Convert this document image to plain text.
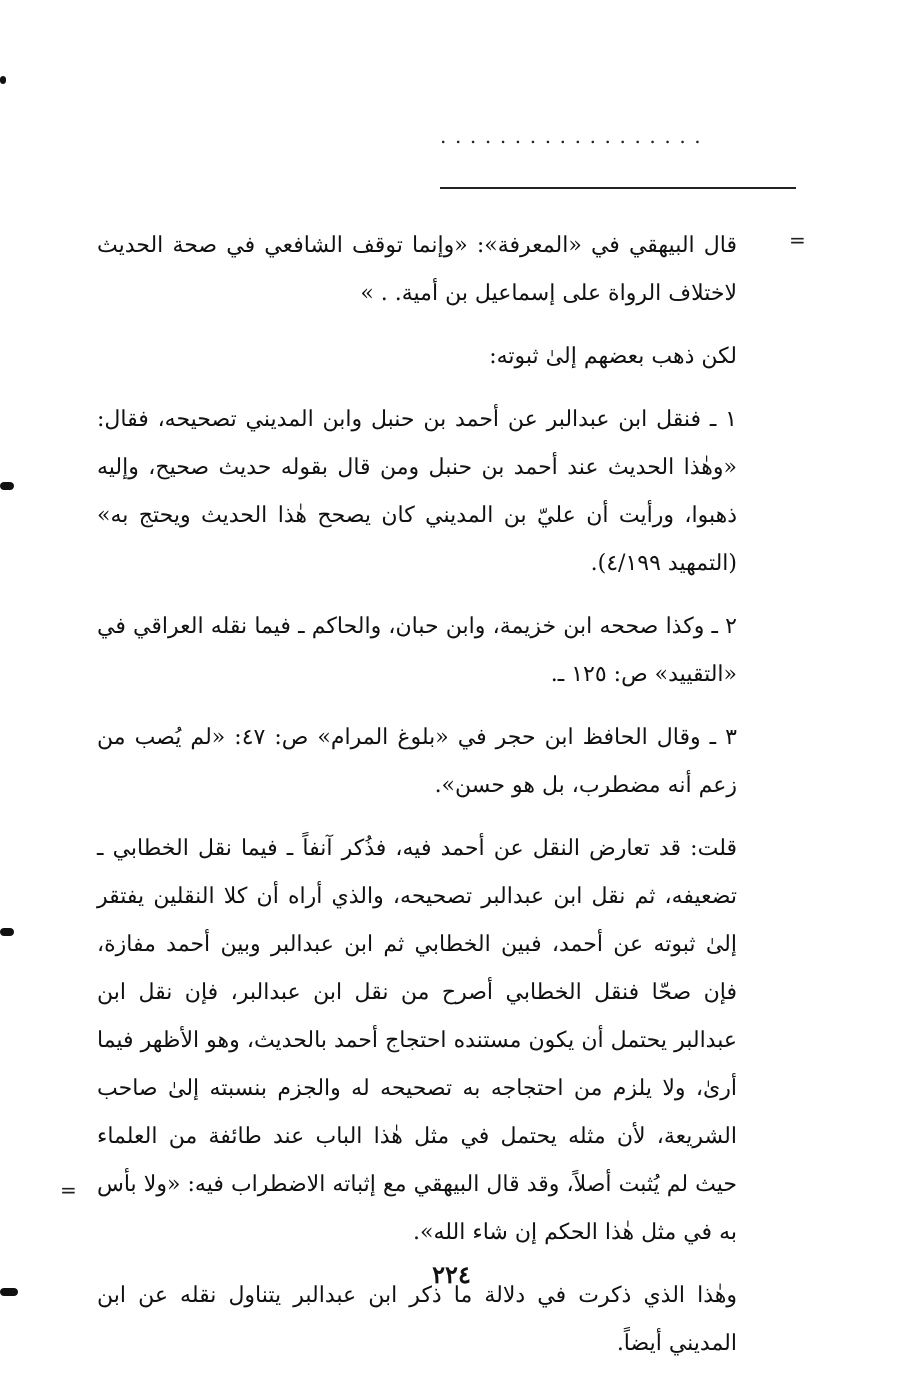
..................
=

قال البيهقي في «المعرفة»: «وإنما توقف الشافعي في صحة الحديث لاختلاف الرواة على إسماعيل بن أمية. . »

لكن ذهب بعضهم إلىٰ ثبوته:

١ ـ فنقل ابن عبدالبر عن أحمد بن حنبل وابن المديني تصحيحه، فقال: «وهٰذا الحديث عند أحمد بن حنبل ومن قال بقوله حديث صحيح، وإليه ذهبوا، ورأيت أن عليّ بن المديني كان يصحح هٰذا الحديث ويحتج به» (التمهيد ٤/١٩٩).

٢ ـ وكذا صححه ابن خزيمة، وابن حبان، والحاكم ـ فيما نقله العراقي في «التقييد» ص: ١٢٥ ـ.

٣ ـ وقال الحافظ ابن حجر في «بلوغ المرام» ص: ٤٧: «لم يُصب من زعم أنه مضطرب، بل هو حسن».

قلت: قد تعارض النقل عن أحمد فيه، فذُكر آنفاً ـ فيما نقل الخطابي ـ تضعيفه، ثم نقل ابن عبدالبر تصحيحه، والذي أراه أن كلا النقلين يفتقر إلىٰ ثبوته عن أحمد، فبين الخطابي ثم ابن عبدالبر وبين أحمد مفازة، فإن صحّا فنقل الخطابي أصرح من نقل ابن عبدالبر، فإن نقل ابن عبدالبر يحتمل أن يكون مستنده احتجاج أحمد بالحديث، وهو الأظهر فيما أرىٰ، ولا يلزم من احتجاجه به تصحيحه له والجزم بنسبته إلىٰ صاحب الشريعة، لأن مثله يحتمل في مثل هٰذا الباب عند طائفة من العلماء حيث لم يُثبت أصلاً، وقد قال البيهقي مع إثباته الاضطراب فيه: «ولا بأس به في مثل هٰذا الحكم إن شاء الله».

وهٰذا الذي ذكرت في دلالة ما ذكر ابن عبدالبر يتناول نقله عن ابن المديني أيضاً.

=
٢٢٤
